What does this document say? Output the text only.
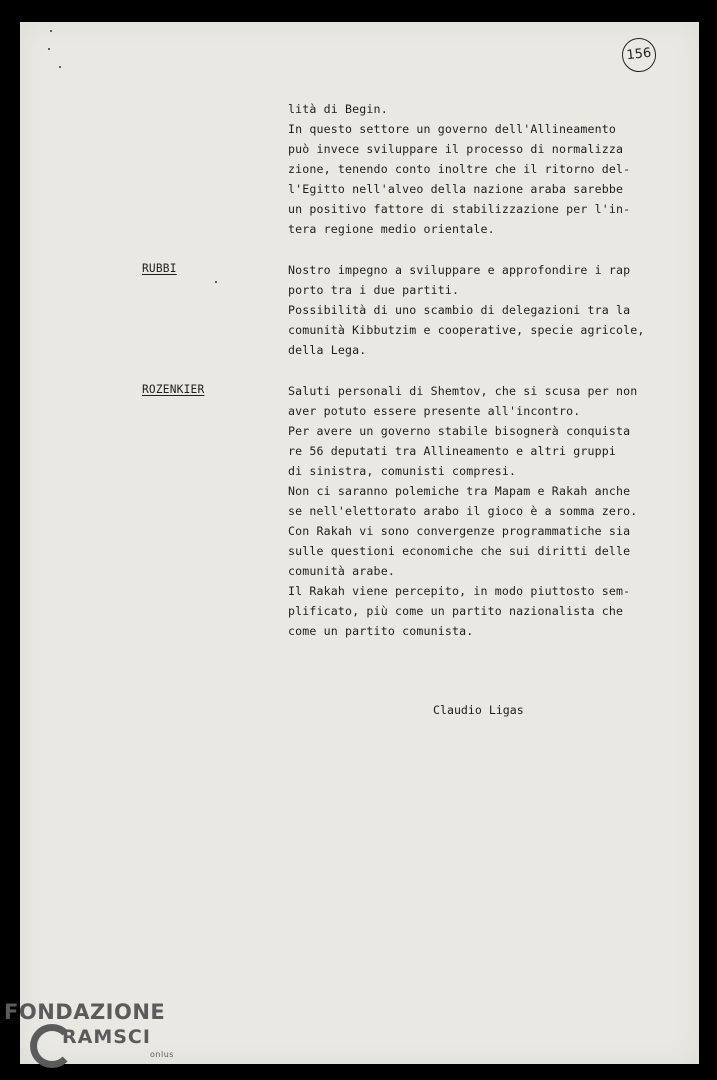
156
lità di Begin.
In questo settore un governo dell'Allineamento
può invece sviluppare il processo di normalizza
zione, tenendo conto inoltre che il ritorno del-
l'Egitto nell'alveo della nazione araba sarebbe
un positivo fattore di stabilizzazione per l'in-
tera regione medio orientale.
RUBBI	Nostro impegno a sviluppare e approfondire i rap
porto tra i due partiti.
Possibilità di uno scambio di delegazioni tra la
comunità Kibbutzim e cooperative, specie agricole,
della Lega.
ROZENKIER	Saluti personali di Shemtov, che si scusa per non
aver potuto essere presente all'incontro.
Per avere un governo stabile bisognerà conquista
re 56 deputati tra Allineamento e altri gruppi
di sinistra, comunisti compresi.
Non ci saranno polemiche tra Mapam e Rakah anche
se nell'elettorato arabo il gioco è a somma zero.
Con Rakah vi sono convergenze programmatiche sia
sulle questioni economiche che sui diritti delle
comunità arabe.
Il Rakah viene percepito, in modo piuttosto sem-
plificato, più come un partito nazionalista che
come un partito comunista.
Claudio Ligas
FONDAZIONE
RAMSCI
onlus
